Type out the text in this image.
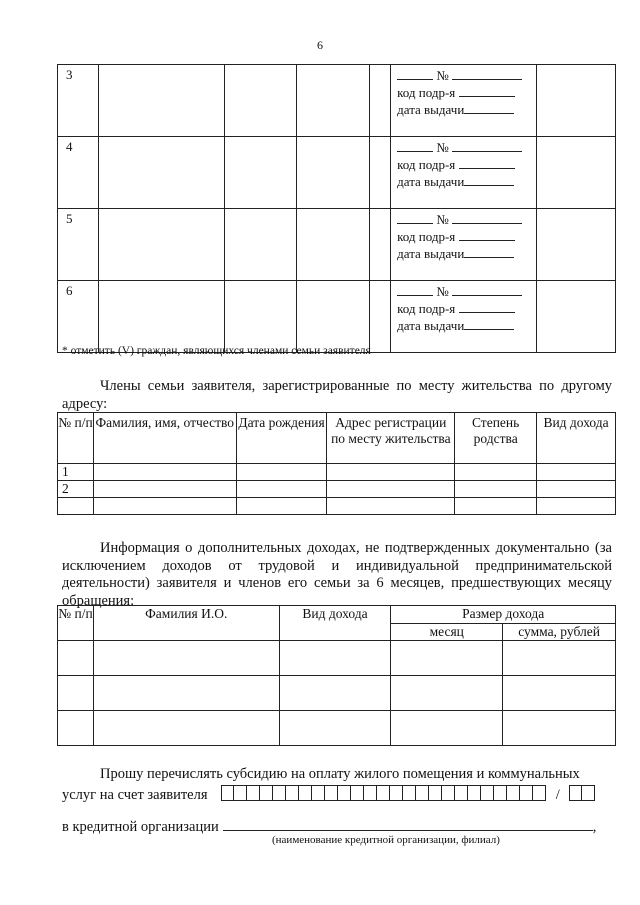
6
3					№
код подр-я
дата выдачи	

4					№
код подр-я
дата выдачи	

5					№
код подр-я
дата выдачи	

6					№
код подр-я
дата выдачи	

* отметить (V) граждан, являющихся членами семьи заявителя
Члены семьи заявителя, зарегистрированные по месту жительства по другому адресу:
№ п/п	Фамилия, имя, отчество	Дата рождения	Адрес регистрации по месту жительства	Степень родства	Вид дохода
1					
2					

Информация о дополнительных доходах, не подтвержденных документально (за исключением доходов от трудовой и индивидуальной предпринимательской деятельности) заявителя и членов его семьи за 6 месяцев, предшествующих месяцу обращения:
№ п/п	Фамилия И.О.	Вид дохода	Размер дохода	
			месяц	сумма, рублей

Прошу перечислять субсидию на оплату жилого помещения и коммунальных
услуг на счет заявителя	/
в кредитной организации	,
(наименование кредитной организации, филиал)
